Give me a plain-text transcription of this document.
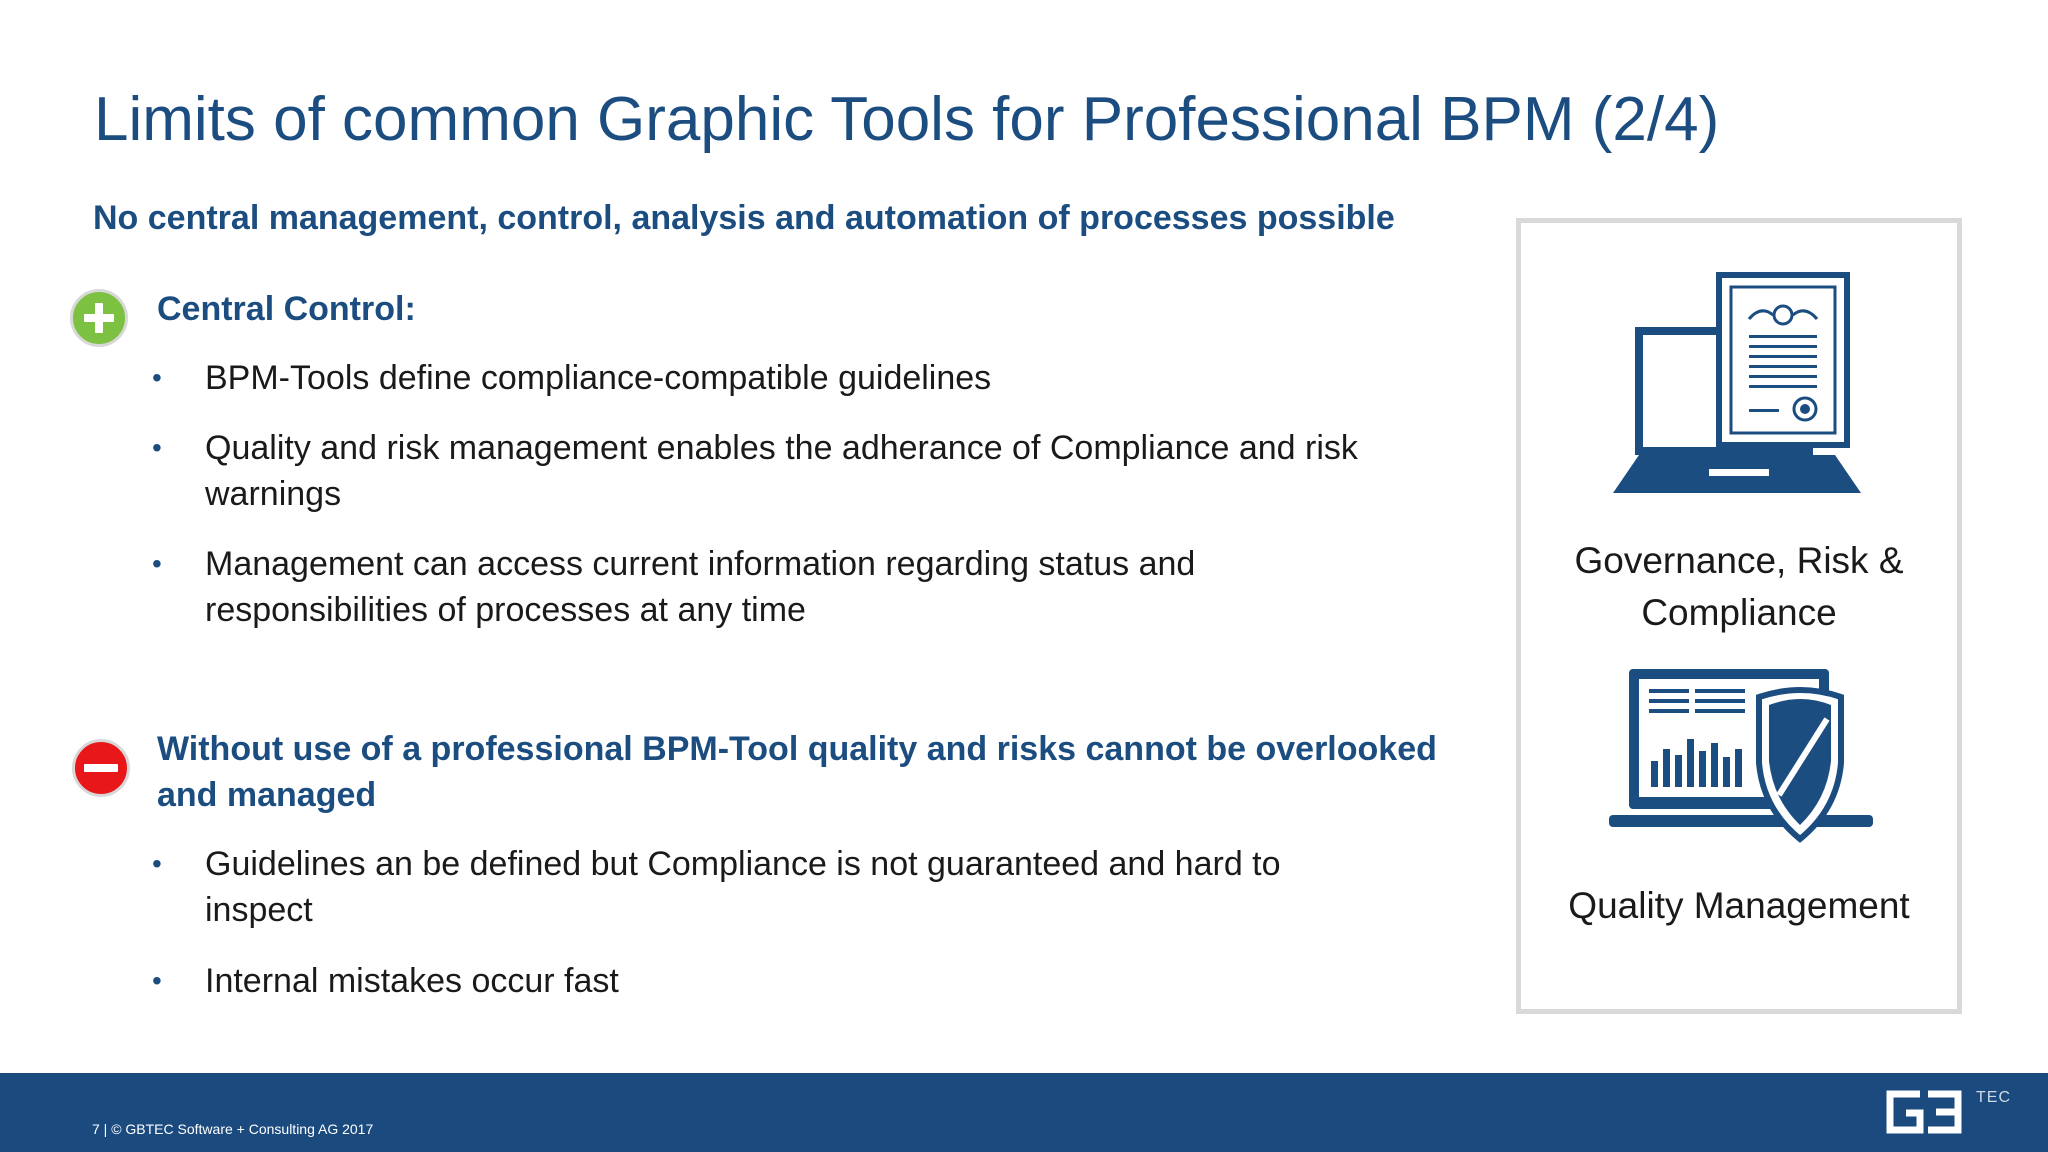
Limits of common Graphic Tools for Professional BPM (2/4)
No central management, control, analysis and automation of processes possible
Central Control:
• BPM-Tools define compliance-compatible guidelines
• Quality and risk management enables the adherance of Compliance and risk warnings
• Management can access current information regarding status and responsibilities of processes at any time
Without use of a professional BPM-Tool quality and risks cannot be overlooked and managed
• Guidelines an be defined but Compliance is not guaranteed and hard to inspect
• Internal mistakes occur fast
Governance, Risk & Compliance
Quality Management
7 | © GBTEC Software + Consulting AG 2017
TEC
